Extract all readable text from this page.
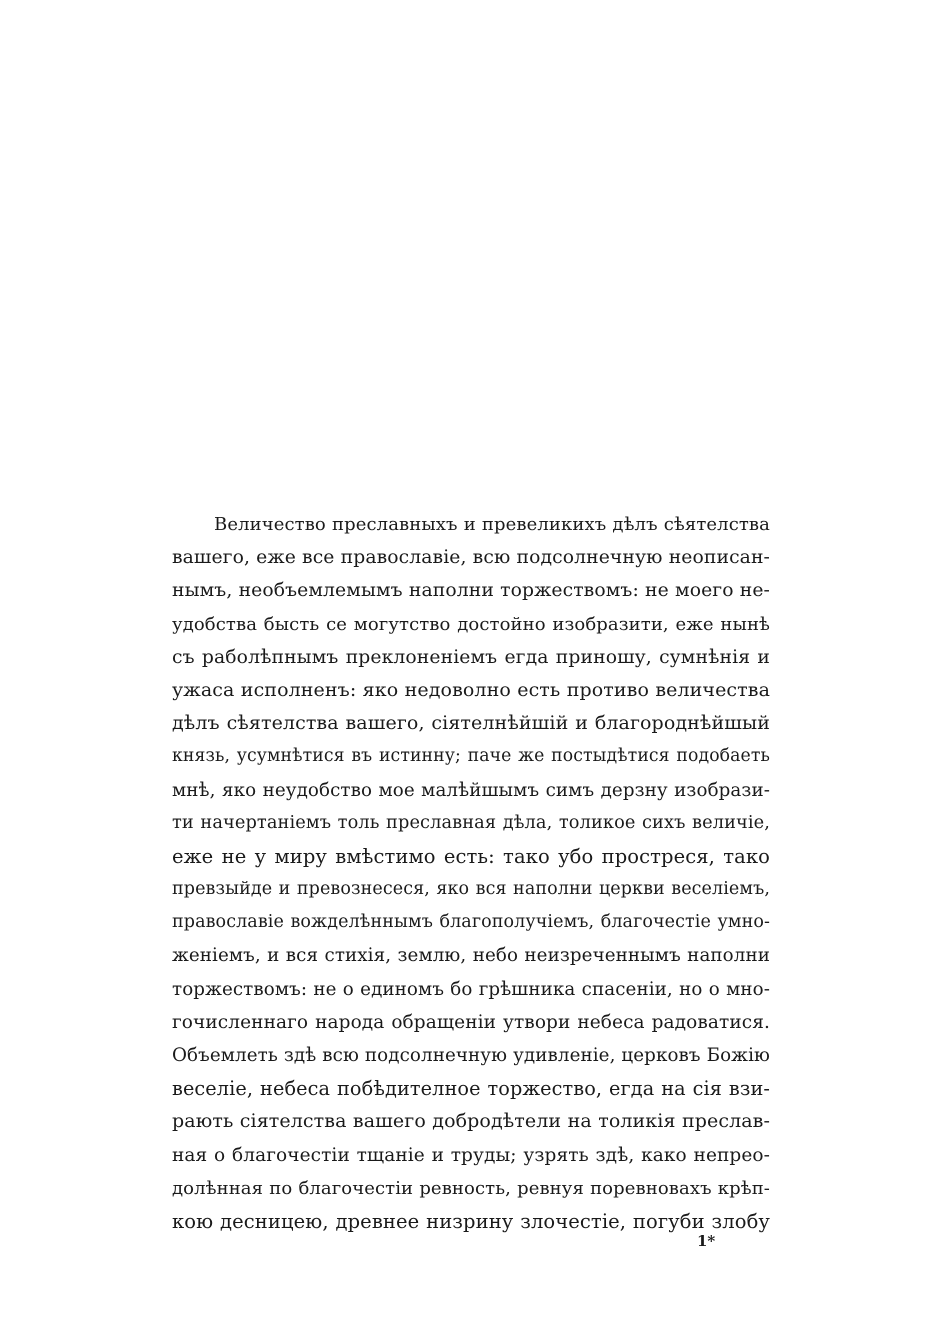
Величество преславныхъ и превеликихъ дѣлъ сѣятелства
вашего, еже все православіе, всю подсолнечную неописан-
нымъ, необъемлемымъ наполни торжествомъ: не моего не-
удобства бысть се могутство достойно изобразити, еже нынѣ
съ раболѣпнымъ преклоненіемъ егда приношу, сумнѣнія и
ужаса исполненъ: яко недоволно есть противо величества
дѣлъ сѣятелства вашего, сіятелнѣйшій и благороднѣйшый
князь, усумнѣтися въ истинну; паче же постыдѣтися подобаеть
мнѣ, яко неудобство мое малѣйшымъ симъ дерзну изобрази-
ти начертаніемъ толь преславная дѣла, толикое сихъ величіе,
еже не у миру вмѣстимо есть: тако убо простреся, тако
превзыйде и превознесеся, яко вся наполни церкви веселіемъ,
православіе вожделѣннымъ благополучіемъ, благочестіе умно-
женіемъ, и вся стихія, землю, небо неизреченнымъ наполни
торжествомъ: не о единомъ бо грѣшника спасеніи, но о мно-
гочисленнаго народа обращеніи утвори небеса радоватися.
Объемлеть здѣ всю подсолнечную удивленіе, церковъ Божію
веселіе, небеса побѣдителное торжество, егда на сія взи-
рають сіятелства вашего добродѣтели на толикія преслав-
ная о благочестіи тщаніе и труды; узрять здѣ, како непрео-
долѣнная по благочестіи ревность, ревнуя поревновахъ крѣп-
кою десницею, древнее низрину злочестіе, погуби злобу
1*
